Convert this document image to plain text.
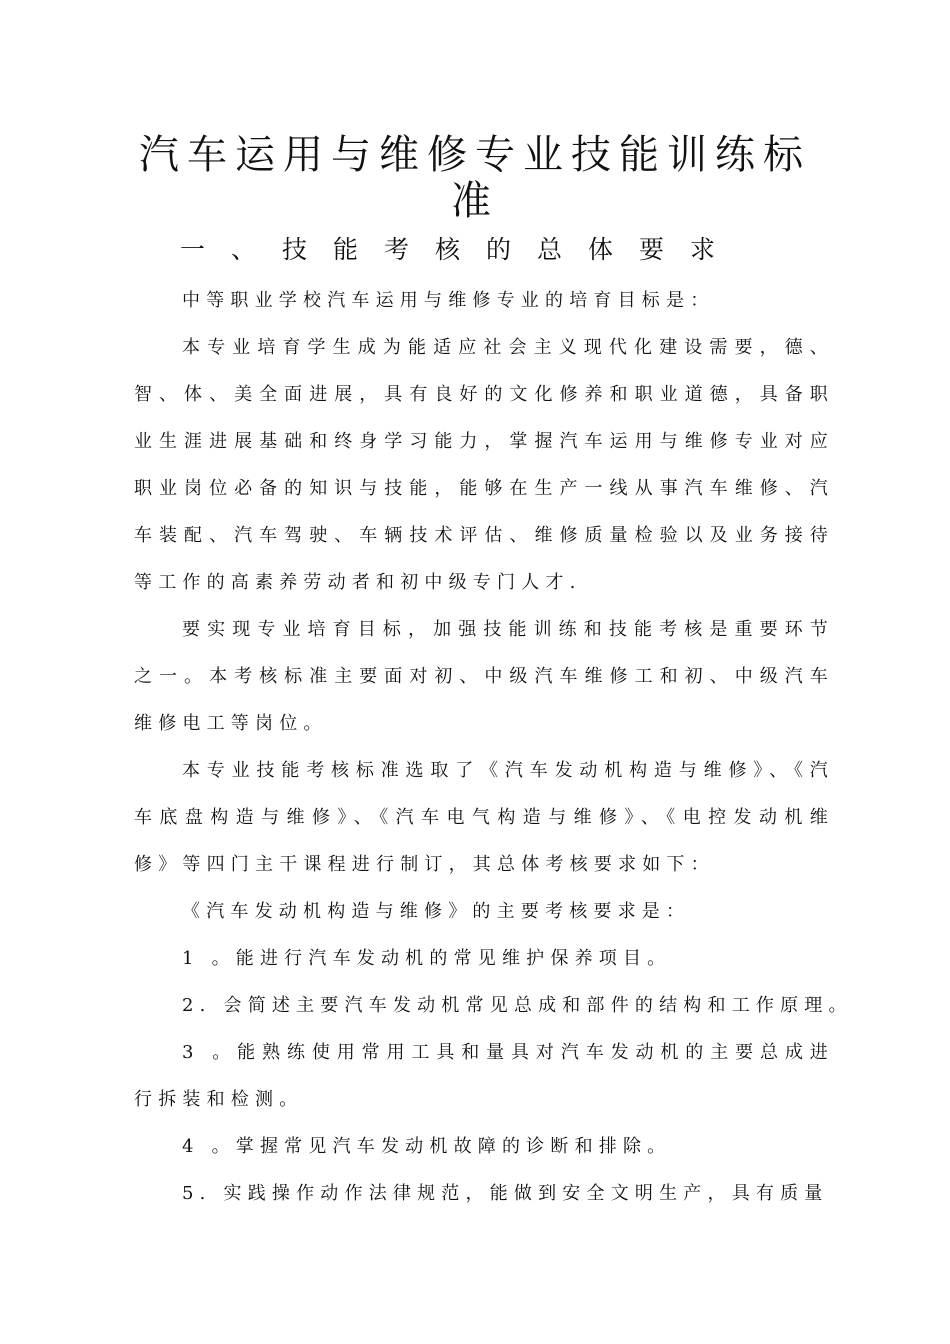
汽车运用与维修专业技能训练标准
一、技能考核的总体要求

中等职业学校汽车运用与维修专业的培育目标是：

本专业培育学生成为能适应社会主义现代化建设需要，德、智、体、美全面进展，具有良好的文化修养和职业道德，具备职业生涯进展基础和终身学习能力，掌握汽车运用与维修专业对应职业岗位必备的知识与技能，能够在生产一线从事汽车维修、汽车装配、汽车驾驶、车辆技术评估、维修质量检验以及业务接待等工作的高素养劳动者和初中级专门人才.

要实现专业培育目标，加强技能训练和技能考核是重要环节之一。本考核标准主要面对初、中级汽车维修工和初、中级汽车维修电工等岗位。

本专业技能考核标准选取了《汽车发动机构造与维修》、《汽车底盘构造与维修》、《汽车电气构造与维修》、《电控发动机维修》等四门主干课程进行制订，其总体考核要求如下：

《汽车发动机构造与维修》的主要考核要求是：

1 。能进行汽车发动机的常见维护保养项目。

2. 会简述主要汽车发动机常见总成和部件的结构和工作原理。

3 。能熟练使用常用工具和量具对汽车发动机的主要总成进行拆装和检测。

4 。掌握常见汽车发动机故障的诊断和排除。

5. 实践操作动作法律规范，能做到安全文明生产，具有质量
